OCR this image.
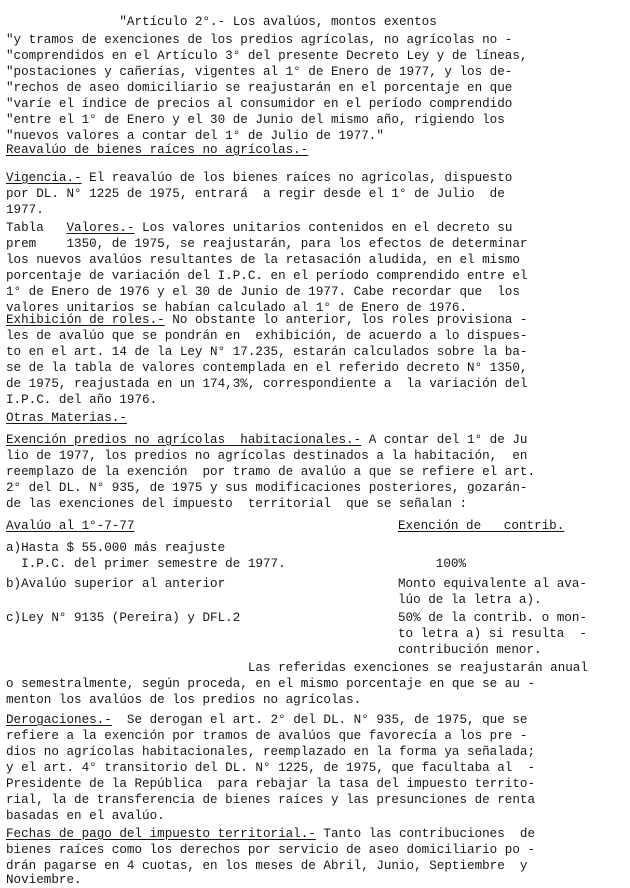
"Artículo 2°.- Los avalúos, montos exentos
"y tramos de exenciones de los predios agrícolas, no agrícolas no -
"comprendidos en el Artículo 3° del presente Decreto Ley y de líneas,
"postaciones y cañerías, vigentes al 1° de Enero de 1977, y los de-
"rechos de aseo domiciliario se reajustarán en el porcentaje en que
"varíe el índice de precios al consumidor en el período comprendido
"entre el 1° de Enero y el 30 de Junio del mismo año, rigiendo los
"nuevos valores a contar del 1° de Julio de 1977."
Reavalúo de bienes raíces no agrícolas.-
Vigencia.- El reavalúo de los bienes raíces no agrícolas, dispuesto
por DL. N° 1225 de 1975, entrará  a regir desde el 1° de Julio  de
1977.
Tabla   Valores.- Los valores unitarios contenidos en el decreto su
prem    1350, de 1975, se reajustarán, para los efectos de determinar
los nuevos avalúos resultantes de la retasación aludida, en el mismo
porcentaje de variación del I.P.C. en el período comprendido entre el
1° de Enero de 1976 y el 30 de Junio de 1977. Cabe recordar que  los
valores unitarios se habían calculado al 1° de Enero de 1976.
Exhibición de roles.- No obstante lo anterior, los roles provisiona -
les de avalúo que se pondrán en  exhibición, de acuerdo a lo dispues-
to en el art. 14 de la Ley N° 17.235, estarán calculados sobre la ba-
se de la tabla de valores contemplada en el referido decreto N° 1350,
de 1975, reajustada en un 174,3%, correspondiente a  la variación del
I.P.C. del año 1976.
Otras Materias.-
Exención predios no agrícolas  habitacionales.- A contar del 1° de Ju
lio de 1977, los predios no agrícolas destinados a la habitación,  en
reemplazo de la exención  por tramo de avalúo a que se refiere el art.
2° del DL. N° 935, de 1975 y sus modificaciones posteriores, gozarán-
de las exenciones del impuesto  territorial  que se señalan :
Avalúo al 1°-7-77	Exención de   contrib.
a)Hasta $ 55.000 más reajuste
I.P.C. del primer semestre de 1977.	100%
b)Avalúo superior al anterior	Monto equivalente al ava-
lúo de la letra a).
c)Ley N° 9135 (Pereira) y DFL.2	50% de la contrib. o mon-
to letra a) si resulta  -
contribución menor.
Las referidas exenciones se reajustarán anual
o semestralmente, según proceda, en el mismo porcentaje en que se au -
menton los avalúos de los predios no agrícolas.
Derogaciones.-  Se derogan el art. 2° del DL. N° 935, de 1975, que se
refiere a la exención por tramos de avalúos que favorecía a los pre -
dios no agrícolas habitacionales, reemplazado en la forma ya señalada;
y el art. 4° transitorio del DL. N° 1225, de 1975, que facultaba al  -
Presidente de la República  para rebajar la tasa del impuesto territo-
rial, la de transferencia de bienes raíces y las presunciones de renta
basadas en el avalúo.
Fechas de pago del impuesto territorial.- Tanto las contribuciones  de
bienes raíces como los derechos por servicio de aseo domiciliario po -
drán pagarse en 4 cuotas, en los meses de Abril, Junio, Septiembre  y
Noviembre.
